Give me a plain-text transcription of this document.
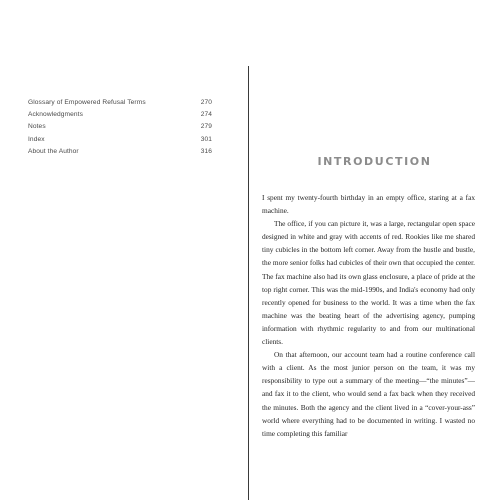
Glossary of Empowered Refusal Terms	270
Acknowledgments	274
Notes	279
Index	301
About the Author	316
INTRODUCTION

I spent my twenty-fourth birthday in an empty office, staring at a fax machine.

The office, if you can picture it, was a large, rectangular open space designed in white and gray with accents of red. Rookies like me shared tiny cubicles in the bottom left corner. Away from the hustle and bustle, the more senior folks had cubicles of their own that occupied the center. The fax machine also had its own glass enclosure, a place of pride at the top right corner. This was the mid-1990s, and India's economy had only recently opened for business to the world. It was a time when the fax machine was the beating heart of the advertising agency, pumping information with rhythmic regularity to and from our multinational clients.

On that afternoon, our account team had a routine conference call with a client. As the most junior person on the team, it was my responsibility to type out a summary of the meeting—“the minutes”—and fax it to the client, who would send a fax back when they received the minutes. Both the agency and the client lived in a “cover-your-ass” world where everything had to be documented in writing. I wasted no time completing this familiar
